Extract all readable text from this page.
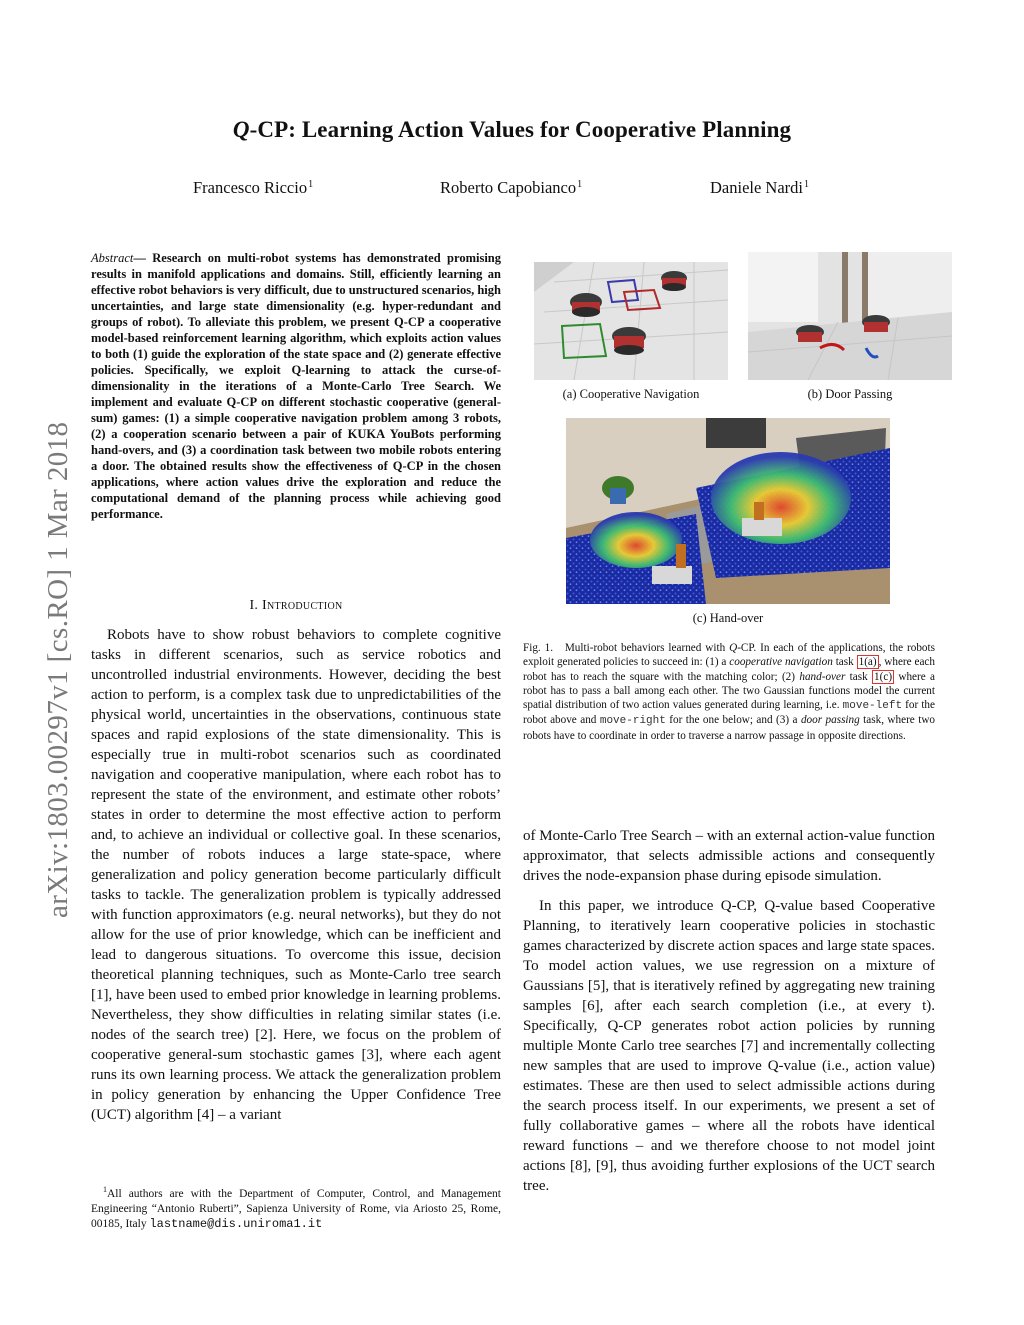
arXiv:1803.00297v1 [cs.RO] 1 Mar 2018
Q-CP: Learning Action Values for Cooperative Planning
Francesco Riccio$^1$	Roberto Capobianco$^1$	Daniele Nardi$^1$
Abstract— Research on multi-robot systems has demonstrated promising results in manifold applications and domains. Still, efficiently learning an effective robot behaviors is very difficult, due to unstructured scenarios, high uncertainties, and large state dimensionality (e.g. hyper-redundant and groups of robot). To alleviate this problem, we present Q-CP a cooperative model-based reinforcement learning algorithm, which exploits action values to both (1) guide the exploration of the state space and (2) generate effective policies. Specifically, we exploit Q-learning to attack the curse-of-dimensionality in the iterations of a Monte-Carlo Tree Search. We implement and evaluate Q-CP on different stochastic cooperative (general-sum) games: (1) a simple cooperative navigation problem among 3 robots, (2) a cooperation scenario between a pair of KUKA YouBots performing hand-overs, and (3) a coordination task between two mobile robots entering a door. The obtained results show the effectiveness of Q-CP in the chosen applications, where action values drive the exploration and reduce the computational demand of the planning process while achieving good performance.
I. Introduction

Robots have to show robust behaviors to complete cognitive tasks in different scenarios, such as service robotics and uncontrolled industrial environments. However, deciding the best action to perform, is a complex task due to unpredictabilities of the physical world, uncertainties in the observations, continuous state spaces and rapid explosions of the state dimensionality. This is especially true in multi-robot scenarios such as coordinated navigation and cooperative manipulation, where each robot has to represent the state of the environment, and estimate other robots’ states in order to determine the most effective action to perform and, to achieve an individual or collective goal. In these scenarios, the number of robots induces a large state-space, where generalization and policy generation become particularly difficult tasks to tackle. The generalization problem is typically addressed with function approximators (e.g. neural networks), but they do not allow for the use of prior knowledge, which can be inefficient and lead to dangerous situations. To overcome this issue, decision theoretical planning techniques, such as Monte-Carlo tree search [1], have been used to embed prior knowledge in learning problems. Nevertheless, they show difficulties in relating similar states (i.e. nodes of the search tree) [2]. Here, we focus on the problem of cooperative general-sum stochastic games [3], where each agent runs its own learning process. We attack the generalization problem in policy generation by enhancing the Upper Confidence Tree (UCT) algorithm [4] – a variant

$^1$All authors are with the Department of Computer, Control, and Management Engineering “Antonio Ruberti”, Sapienza University of Rome, via Ariosto 25, Rome, 00185, Italy lastname@dis.uniroma1.it

(a) Cooperative Navigation	(b) Door Passing
(c) Hand-over
Fig. 1. Multi-robot behaviors learned with Q-CP. In each of the applications, the robots exploit generated policies to succeed in: (1) a cooperative navigation task 1(a) , where each robot has to reach the square with the matching color; (2) hand-over task 1(c) where a robot has to pass a ball among each other. The two Gaussian functions model the current spatial distribution of two action values generated during learning, i.e. move-left for the robot above and move-right for the one below; and (3) a door passing task, where two robots have to coordinate in order to traverse a narrow passage in opposite directions.

of Monte-Carlo Tree Search – with an external action-value function approximator, that selects admissible actions and consequently drives the node-expansion phase during episode simulation.

In this paper, we introduce Q-CP, Q-value based Cooperative Planning, to iteratively learn cooperative policies in stochastic games characterized by discrete action spaces and large state spaces. To model action values, we use regression on a mixture of Gaussians [5], that is iteratively refined by aggregating new training samples [6], after each search completion (i.e., at every t). Specifically, Q-CP generates robot action policies by running multiple Monte Carlo tree searches [7] and incrementally collecting new samples that are used to improve Q-value (i.e., action value) estimates. These are then used to select admissible actions during the search process itself. In our experiments, we present a set of fully collaborative games – where all the robots have identical reward functions – and we therefore choose to not model joint actions [8], [9], thus avoiding further explosions of the UCT search tree.
